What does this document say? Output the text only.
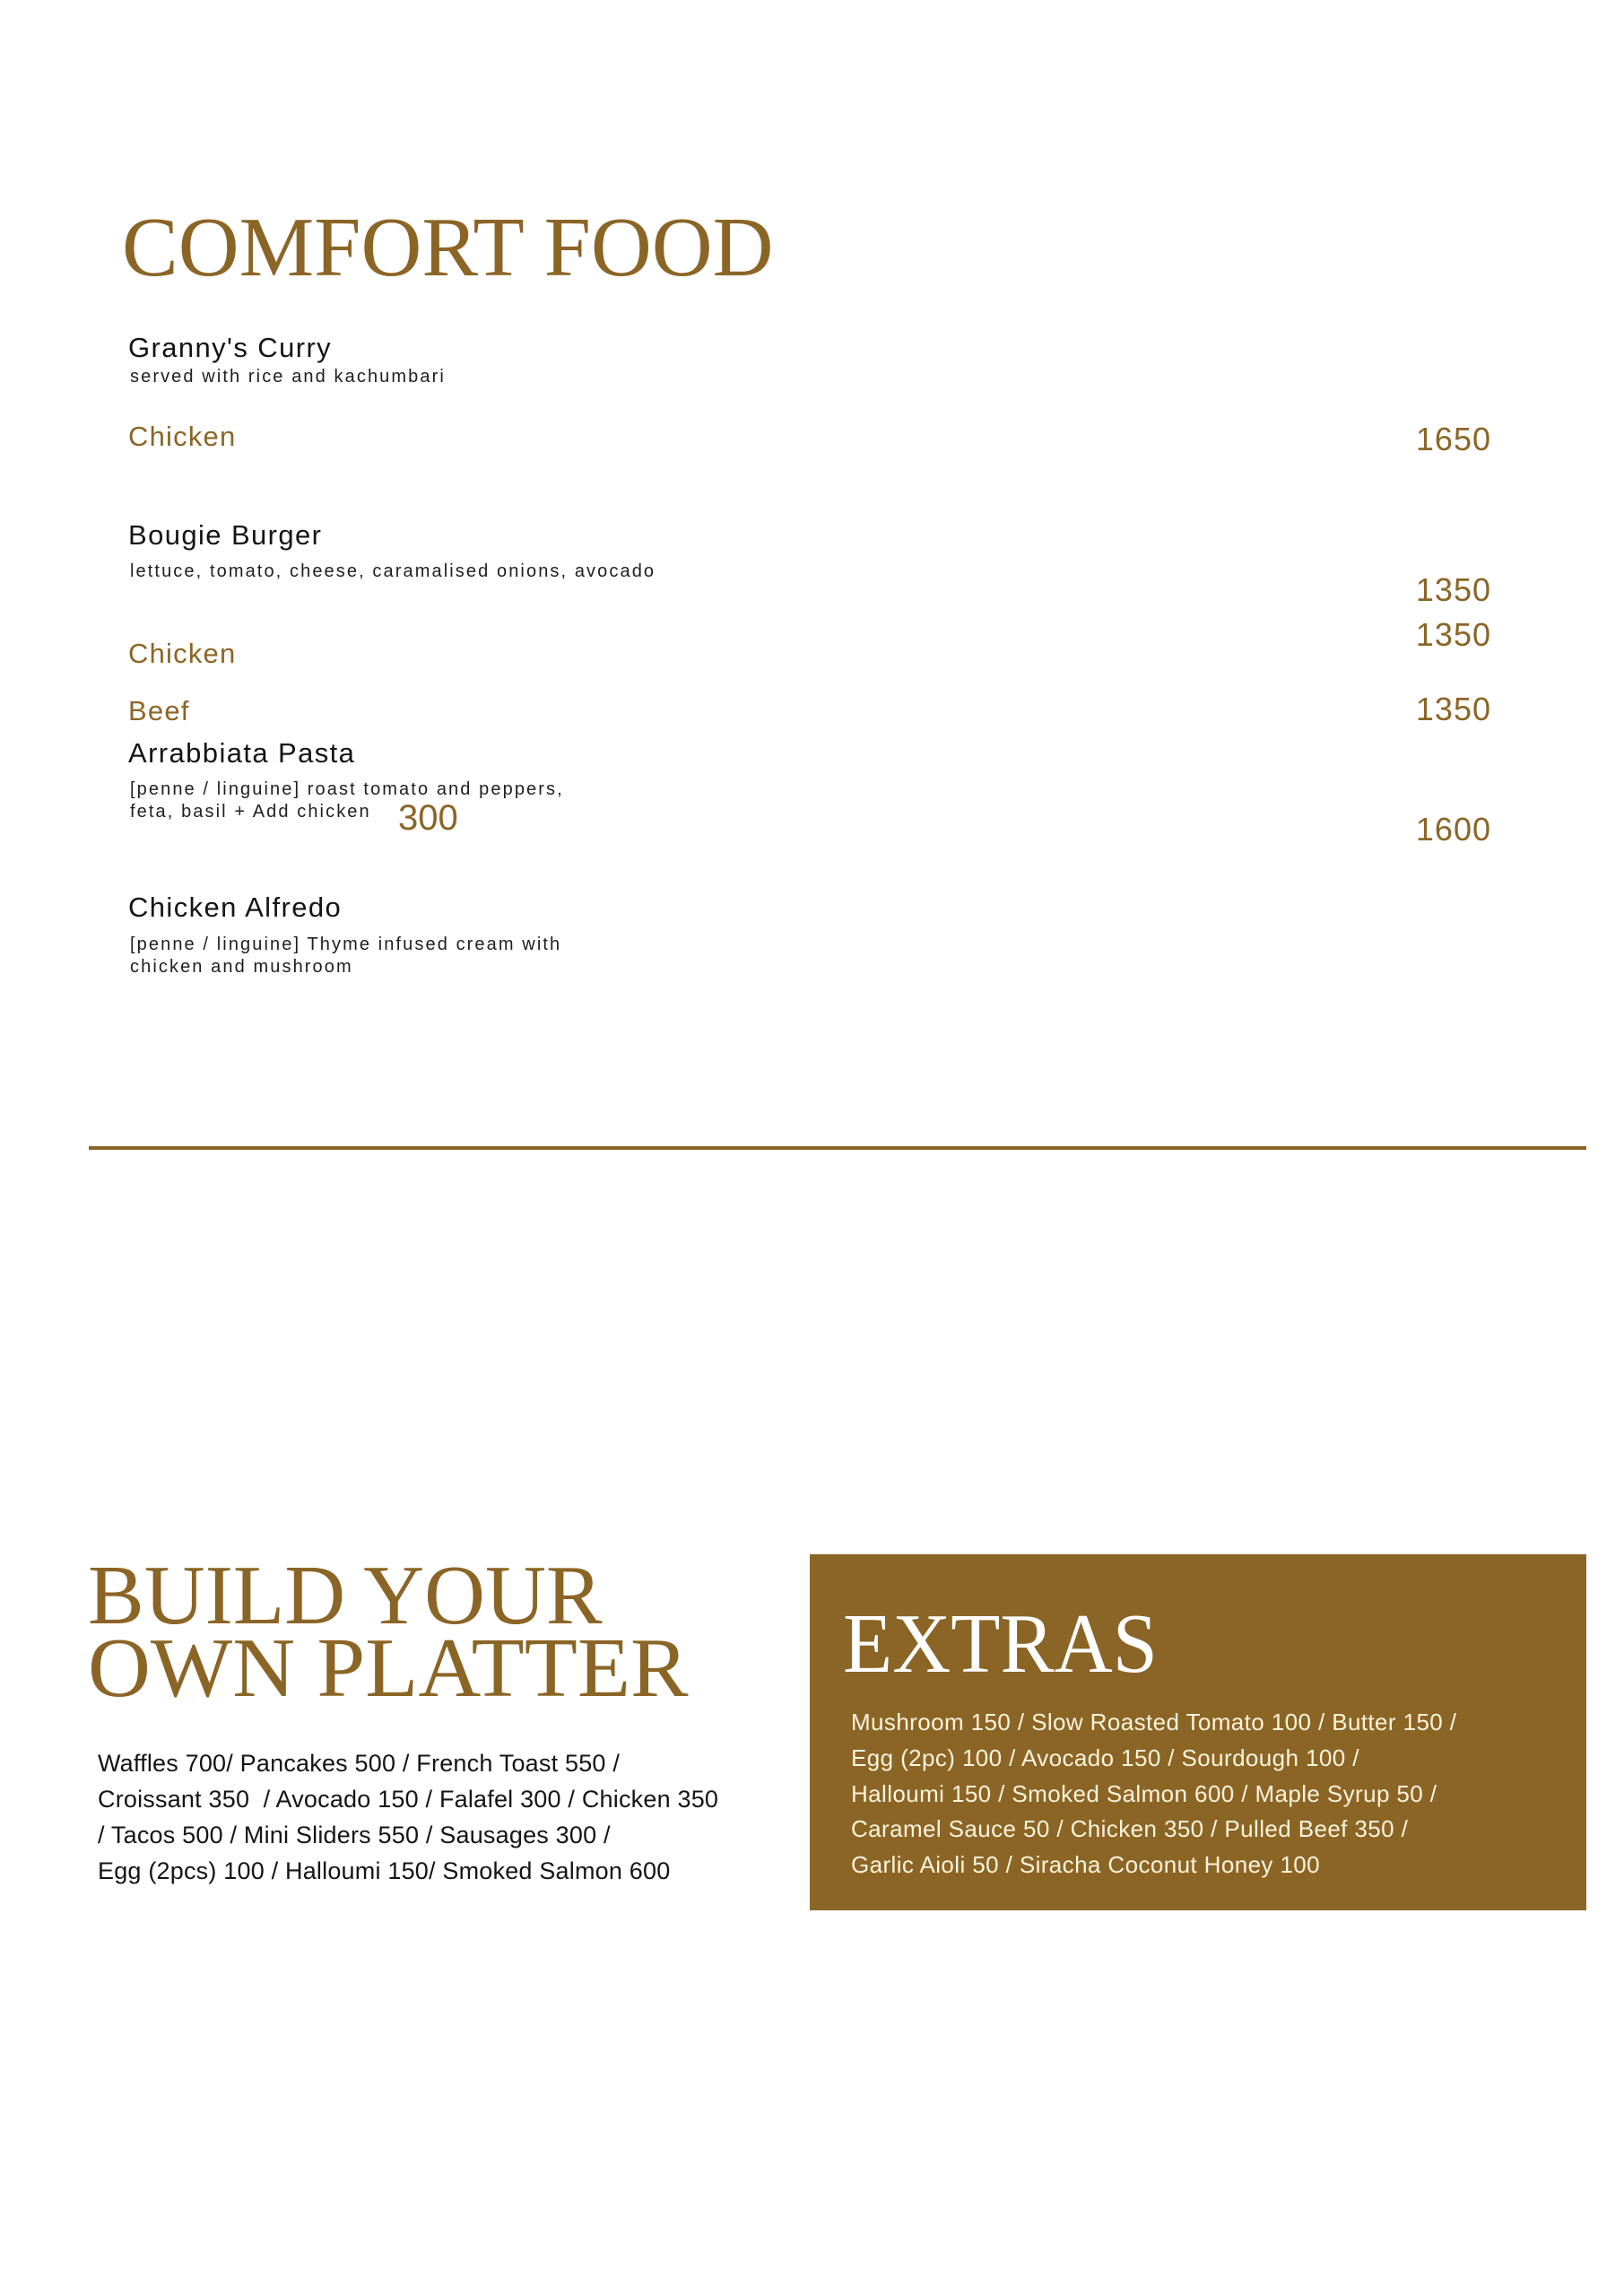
COMFORT FOOD
Granny's Curry
served with rice and kachumbari
Chicken	1650
Bougie Burger
lettuce, tomato, cheese, caramalised onions, avocado
Chicken
1350
Beef
1350
Arrabbiata Pasta
1350
[penne / linguine] roast tomato and peppers,
feta, basil + Add chicken 300
Chicken Alfredo
1600
[penne / linguine] Thyme infused cream with
chicken and mushroom
BUILD YOUR
OWN PLATTER
Waffles 700/ Pancakes 500 / French Toast 550 /
Croissant 350  / Avocado 150 / Falafel 300 / Chicken 350
/ Tacos 500 / Mini Sliders 550 / Sausages 300 /
Egg (2pcs) 100 / Halloumi 150/ Smoked Salmon 600
EXTRAS
Mushroom 150 / Slow Roasted Tomato 100 / Butter 150 /
Egg (2pc) 100 / Avocado 150 / Sourdough 100 /
Halloumi 150 / Smoked Salmon 600 / Maple Syrup 50 /
Caramel Sauce 50 / Chicken 350 / Pulled Beef 350 /
Garlic Aioli 50 / Siracha Coconut Honey 100
